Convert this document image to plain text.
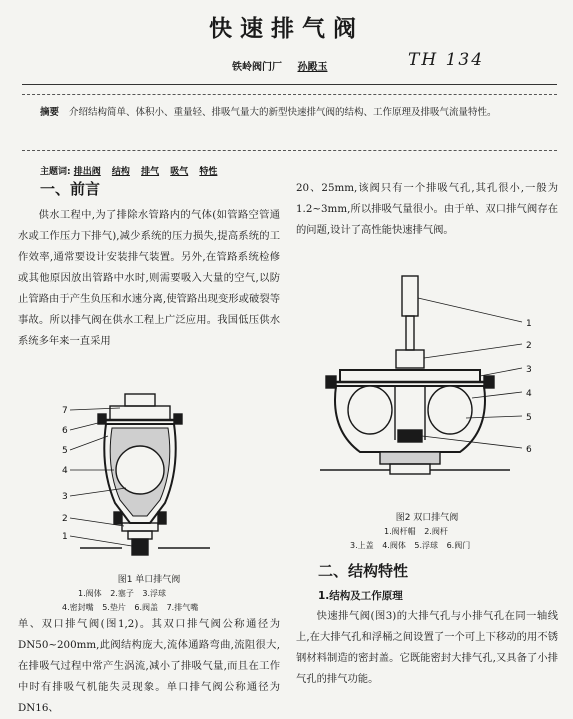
快速排气阀
铁岭阀门厂 孙殿玉	TH 134
摘要 介绍结构简单、体积小、重量轻、排吸气量大的新型快速排气阀的结构、工作原理及排吸气流量特性。
主题词: 排出阀 结构 排气 吸气 特性
一、前言
供水工程中,为了排除水管路内的气体(如管路空管通水或工作压力下排气),减少系统的压力损失,提高系统的工作效率,通常要设计安装排气装置。另外,在管路系统检修或其他原因放出管路中水时,则需要吸入大量的空气,以防止管路由于产生负压和水速分离,使管路出现变形或破裂等事故。所以排气阀在供水工程上广泛应用。我国低压供水系统多年来一直采用
7
6
5
4
3
2
1
图1 单口排气阀
1.阀体 2.塞子 3.浮球
4.密封嘴 5.垫片 6.阀盖 7.排气嘴
单、双口排气阀(图1,2)。其双口排气阀公称通径为DN50~200mm,此阀结构庞大,流体通路弯曲,流阻很大,在排吸气过程中常产生涡流,减小了排吸气量,而且在工作中时有排吸气机能失灵现象。单口排气阀公称通径为DN16、
20、25mm,该阀只有一个排吸气孔,其孔很小,一般为1.2~3mm,所以排吸气量很小。由于单、双口排气阀存在的问题,设计了高性能快速排气阀。
1
2
3
4
5
6
图2 双口排气阀
1.阀杆帽 2.阀杆
3.上盖 4.阀体 5.浮球 6.阀门
二、结构特性
1.结构及工作原理
快速排气阀(图3)的大排气孔与小排气孔在同一轴线上,在大排气孔和浮桶之间设置了一个可上下移动的用不锈钢材料制造的密封盖。它既能密封大排气孔,又具备了小排气孔的排气功能。
